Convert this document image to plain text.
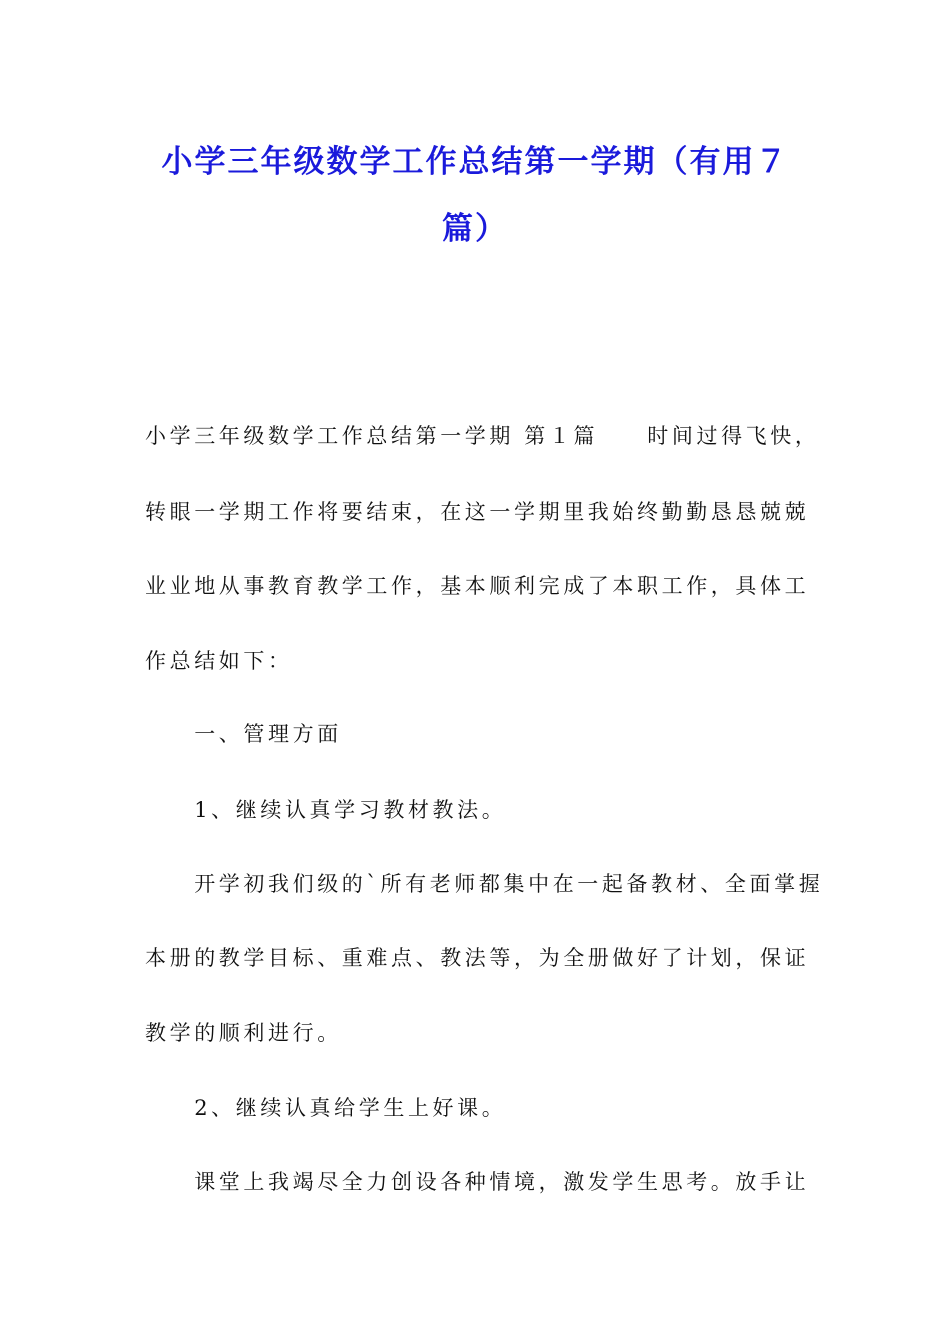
小学三年级数学工作总结第一学期（有用７
篇）
小学三年级数学工作总结第一学期 第１篇　　时间过得飞快，
转眼一学期工作将要结束，在这一学期里我始终勤勤恳恳兢兢
业业地从事教育教学工作，基本顺利完成了本职工作，具体工
作总结如下：
　　一、管理方面
　　1、继续认真学习教材教法。
　　开学初我们级的`所有老师都集中在一起备教材、全面掌握
本册的教学目标、重难点、教法等，为全册做好了计划，保证
教学的顺利进行。
　　2、继续认真给学生上好课。
　　课堂上我竭尽全力创设各种情境，激发学生思考。放手让
